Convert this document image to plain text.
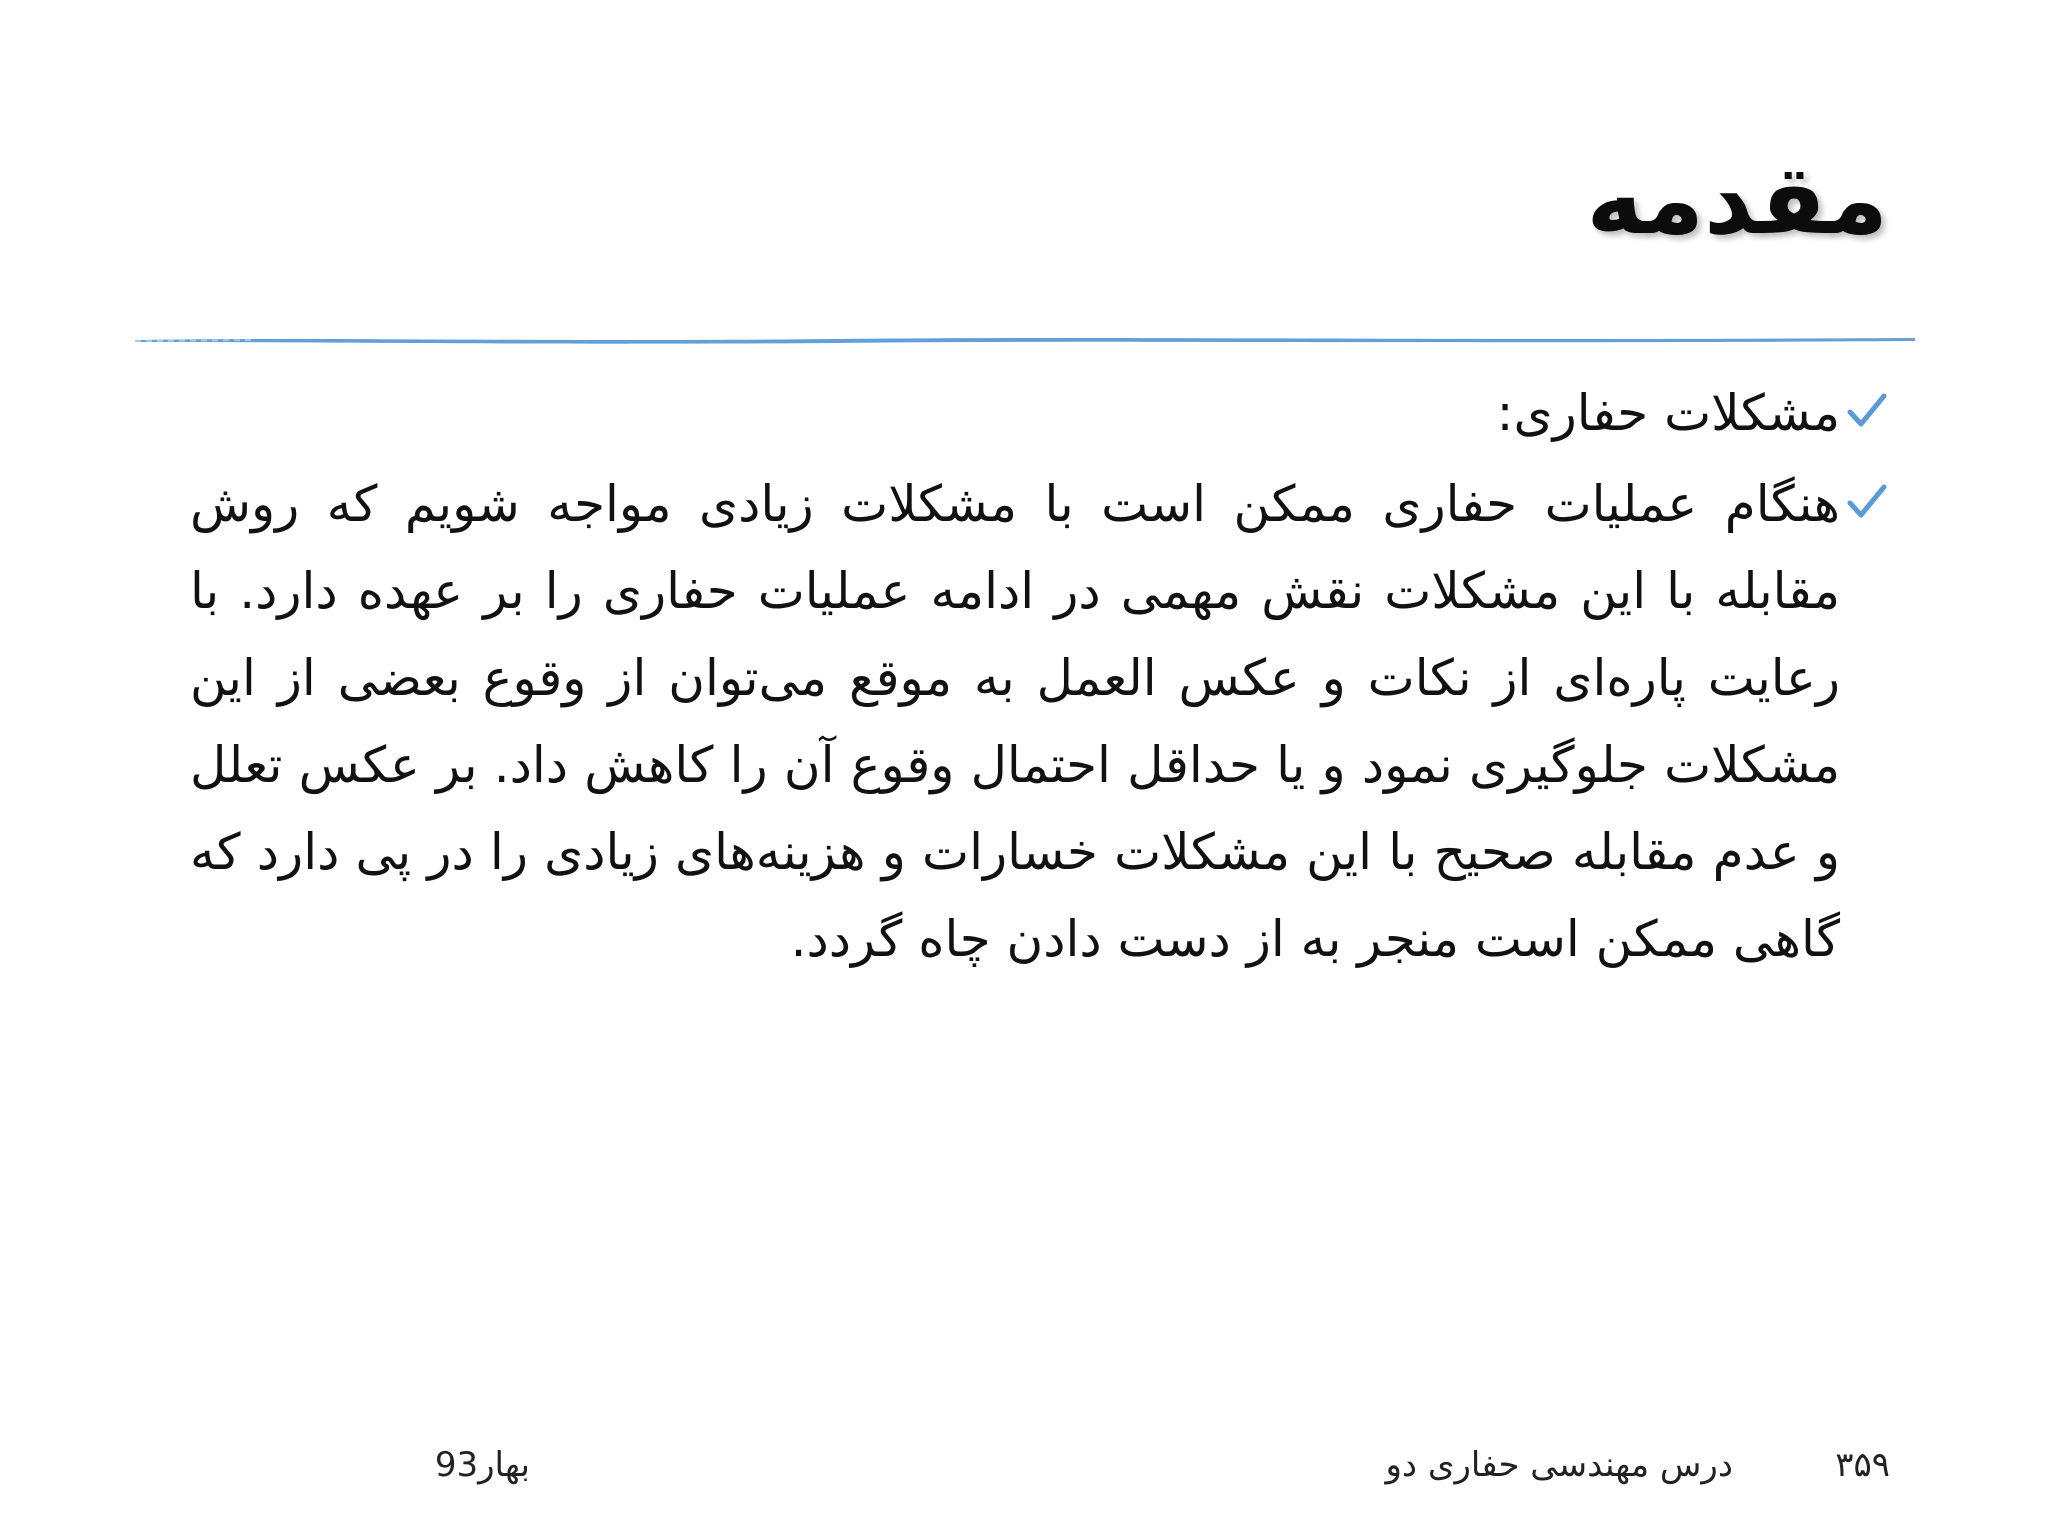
مقدمه
مشکلات حفاری:
هنگام عملیات حفاری ممکن است با مشکلات زیادی مواجه شویم که روش مقابله با این مشکلات نقش مهمی در ادامه عملیات حفاری را بر عهده دارد. با رعایت پاره‌ای از نکات و عکس العمل به موقع می‌توان از وقوع بعضی از این مشکلات جلوگیری نمود و یا حداقل احتمال وقوع آن را کاهش داد. بر عکس تعلل و عدم مقابله صحیح با این مشکلات خسارات و هزینه‌های زیادی را در پی دارد که گاهی ممکن است منجر به از دست دادن چاه گردد.
۳۵۹
درس مهندسی حفاری دو
بهار93
